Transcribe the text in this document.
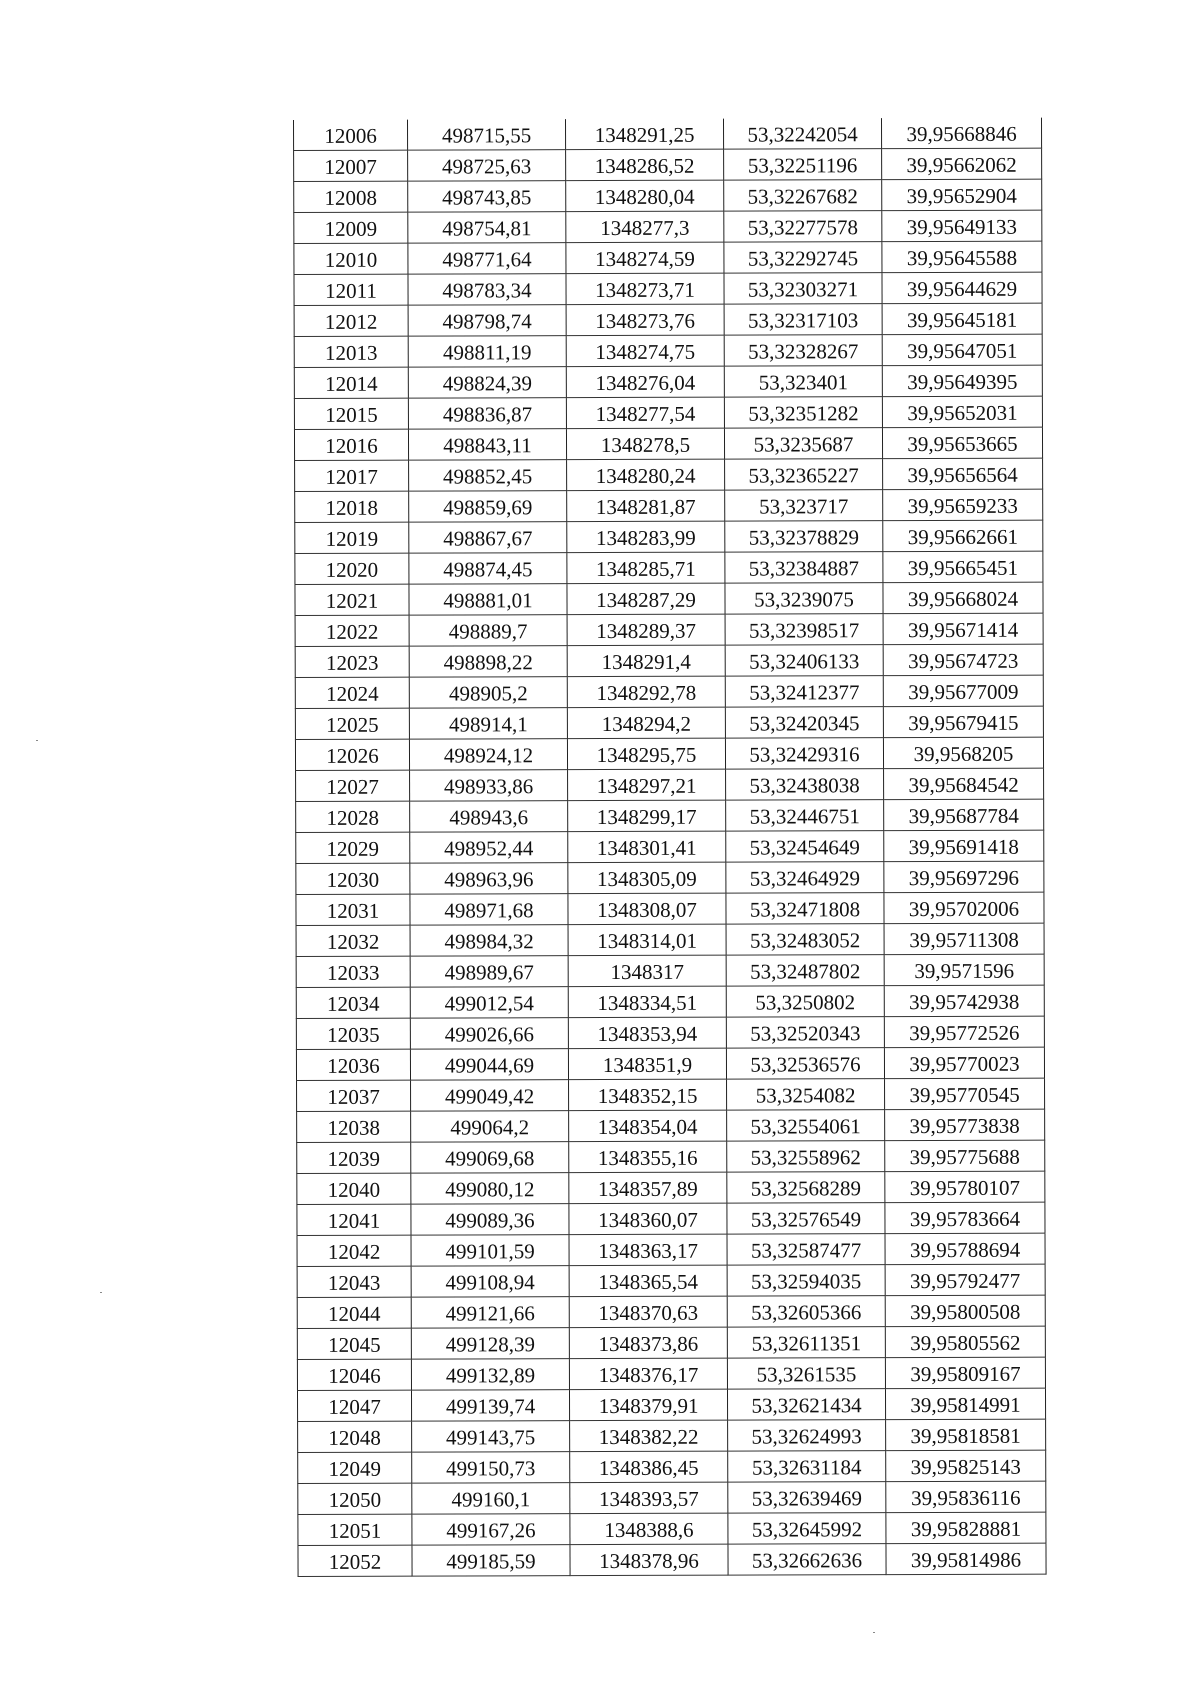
12006	498715,55	1348291,25	53,32242054	39,95668846
12007	498725,63	1348286,52	53,32251196	39,95662062
12008	498743,85	1348280,04	53,32267682	39,95652904
12009	498754,81	1348277,3	53,32277578	39,95649133
12010	498771,64	1348274,59	53,32292745	39,95645588
12011	498783,34	1348273,71	53,32303271	39,95644629
12012	498798,74	1348273,76	53,32317103	39,95645181
12013	498811,19	1348274,75	53,32328267	39,95647051
12014	498824,39	1348276,04	53,323401	39,95649395
12015	498836,87	1348277,54	53,32351282	39,95652031
12016	498843,11	1348278,5	53,3235687	39,95653665
12017	498852,45	1348280,24	53,32365227	39,95656564
12018	498859,69	1348281,87	53,323717	39,95659233
12019	498867,67	1348283,99	53,32378829	39,95662661
12020	498874,45	1348285,71	53,32384887	39,95665451
12021	498881,01	1348287,29	53,3239075	39,95668024
12022	498889,7	1348289,37	53,32398517	39,95671414
12023	498898,22	1348291,4	53,32406133	39,95674723
12024	498905,2	1348292,78	53,32412377	39,95677009
12025	498914,1	1348294,2	53,32420345	39,95679415
12026	498924,12	1348295,75	53,32429316	39,9568205
12027	498933,86	1348297,21	53,32438038	39,95684542
12028	498943,6	1348299,17	53,32446751	39,95687784
12029	498952,44	1348301,41	53,32454649	39,95691418
12030	498963,96	1348305,09	53,32464929	39,95697296
12031	498971,68	1348308,07	53,32471808	39,95702006
12032	498984,32	1348314,01	53,32483052	39,95711308
12033	498989,67	1348317	53,32487802	39,9571596
12034	499012,54	1348334,51	53,3250802	39,95742938
12035	499026,66	1348353,94	53,32520343	39,95772526
12036	499044,69	1348351,9	53,32536576	39,95770023
12037	499049,42	1348352,15	53,3254082	39,95770545
12038	499064,2	1348354,04	53,32554061	39,95773838
12039	499069,68	1348355,16	53,32558962	39,95775688
12040	499080,12	1348357,89	53,32568289	39,95780107
12041	499089,36	1348360,07	53,32576549	39,95783664
12042	499101,59	1348363,17	53,32587477	39,95788694
12043	499108,94	1348365,54	53,32594035	39,95792477
12044	499121,66	1348370,63	53,32605366	39,95800508
12045	499128,39	1348373,86	53,32611351	39,95805562
12046	499132,89	1348376,17	53,3261535	39,95809167
12047	499139,74	1348379,91	53,32621434	39,95814991
12048	499143,75	1348382,22	53,32624993	39,95818581
12049	499150,73	1348386,45	53,32631184	39,95825143
12050	499160,1	1348393,57	53,32639469	39,95836116
12051	499167,26	1348388,6	53,32645992	39,95828881
12052	499185,59	1348378,96	53,32662636	39,95814986
